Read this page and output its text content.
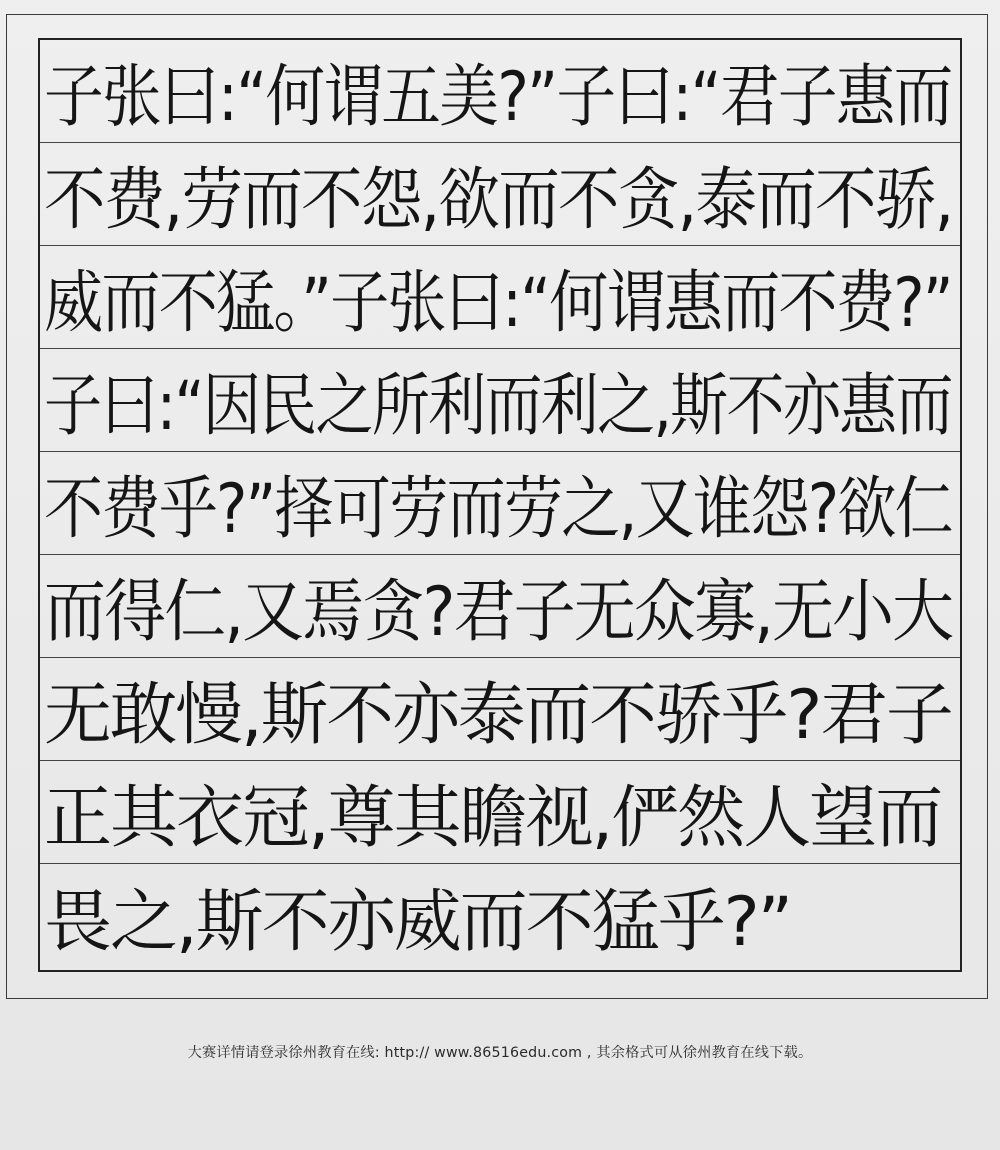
子张曰:“何谓五美?”子曰:“君子惠而
不费,劳而不怨,欲而不贪,泰而不骄,
威而不猛。”子张曰:“何谓惠而不费?”
子曰:“因民之所利而利之,斯不亦惠而
不费乎?”择可劳而劳之,又谁怨?欲仁
而得仁,又焉贪?君子无众寡,无小大
无敢慢,斯不亦泰而不骄乎?君子
正其衣冠,尊其瞻视,俨然人望而
畏之,斯不亦威而不猛乎?”
大赛详情请登录徐州教育在线: http:// www.86516edu.com , 其余格式可从徐州教育在线下载。
